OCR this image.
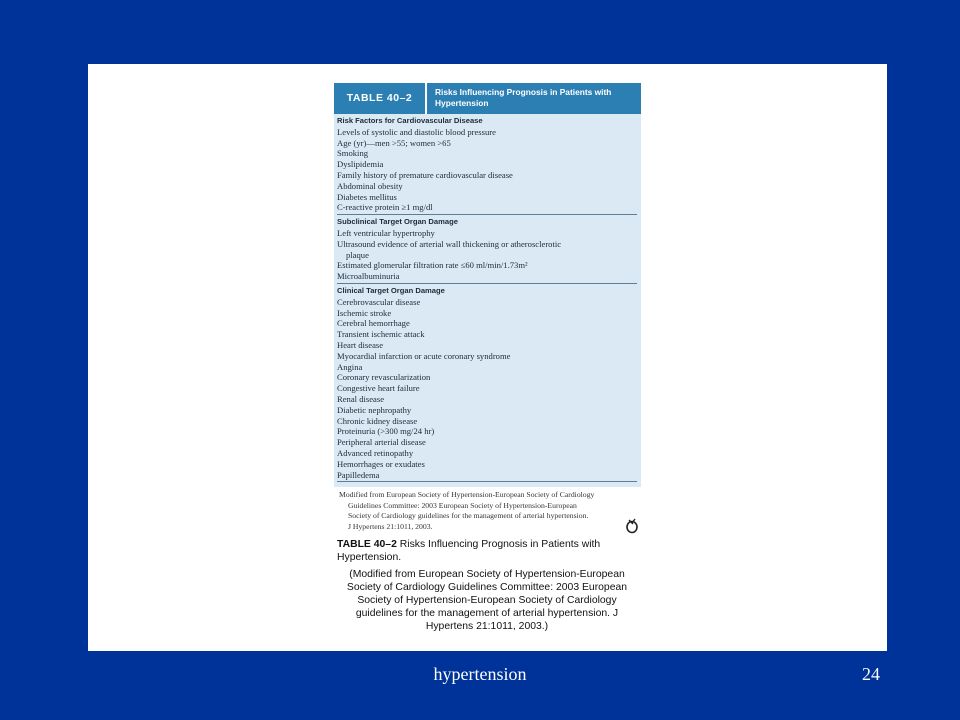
TABLE 40–2	Risks Influencing Prognosis in Patients with Hypertension
Risk Factors for Cardiovascular Disease
Levels of systolic and diastolic blood pressure
Age (yr)—men >55; women >65
Smoking
Dyslipidemia
Family history of premature cardiovascular disease
Abdominal obesity
Diabetes mellitus
C-reactive protein ≥1 mg/dl
Subclinical Target Organ Damage
Left ventricular hypertrophy
Ultrasound evidence of arterial wall thickening or atherosclerotic
plaque
Estimated glomerular filtration rate ≤60 ml/min/1.73m²
Microalbuminuria
Clinical Target Organ Damage
Cerebrovascular disease
Ischemic stroke
Cerebral hemorrhage
Transient ischemic attack
Heart disease
Myocardial infarction or acute coronary syndrome
Angina
Coronary revascularization
Congestive heart failure
Renal disease
Diabetic nephropathy
Chronic kidney disease
Proteinuria (>300 mg/24 hr)
Peripheral arterial disease
Advanced retinopathy
Hemorrhages or exudates
Papilledema
Modified from European Society of Hypertension-European Society of Cardiology
Guidelines Committee: 2003 European Society of Hypertension-European
Society of Cardiology guidelines for the management of arterial hypertension.
J Hypertens 21:1011, 2003.
TABLE 40–2 Risks Influencing Prognosis in Patients with Hypertension.
(Modified from European Society of Hypertension-European Society of Cardiology Guidelines Committee: 2003 European Society of Hypertension-European Society of Cardiology guidelines for the management of arterial hypertension. J Hypertens 21:1011, 2003.)
hypertension	24
